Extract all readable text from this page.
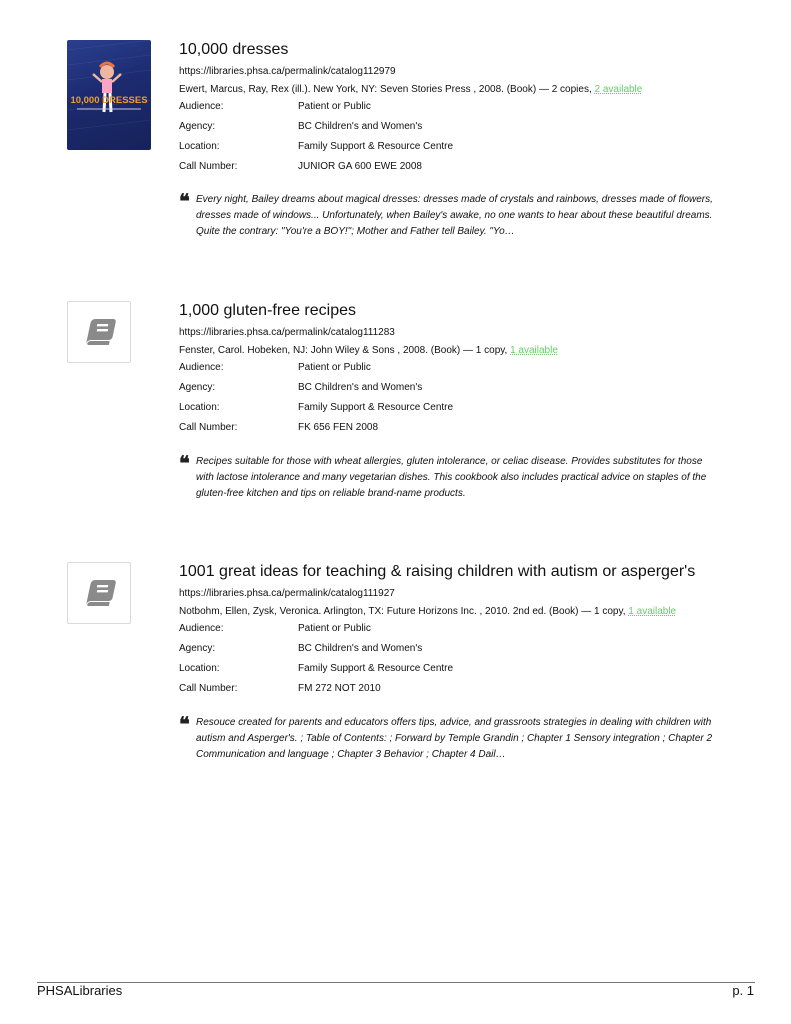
10,000 DRESSES
10,000 dresses
https://libraries.phsa.ca/permalink/catalog112979
Ewert, Marcus, Ray, Rex (ill.). New York, NY: Seven Stories Press , 2008. (Book) — 2 copies, 2 available
Audience:	Patient or Public
Agency:	BC Children's and Women's
Location:	Family Support & Resource Centre
Call Number:	JUNIOR GA 600 EWE 2008
❝ Every night, Bailey dreams about magical dresses: dresses made of crystals and rainbows, dresses made of flowers, dresses made of windows... Unfortunately, when Bailey's awake, no one wants to hear about these beautiful dreams. Quite the contrary: "You're a BOY!"; Mother and Father tell Bailey. "Yo…
1,000 gluten-free recipes
https://libraries.phsa.ca/permalink/catalog111283
Fenster, Carol. Hobeken, NJ: John Wiley & Sons , 2008. (Book) — 1 copy, 1 available
Audience:	Patient or Public
Agency:	BC Children's and Women's
Location:	Family Support & Resource Centre
Call Number:	FK 656 FEN 2008
❝ Recipes suitable for those with wheat allergies, gluten intolerance, or celiac disease. Provides substitutes for those with lactose intolerance and many vegetarian dishes. This cookbook also includes practical advice on staples of the gluten-free kitchen and tips on reliable brand-name products.
1001 great ideas for teaching & raising children with autism or asperger's
https://libraries.phsa.ca/permalink/catalog111927
Notbohm, Ellen, Zysk, Veronica. Arlington, TX: Future Horizons Inc. , 2010. 2nd ed. (Book) — 1 copy, 1 available
Audience:	Patient or Public
Agency:	BC Children's and Women's
Location:	Family Support & Resource Centre
Call Number:	FM 272 NOT 2010
❝ Resouce created for parents and educators offers tips, advice, and grassroots strategies in dealing with children with autism and Asperger's. ; Table of Contents: ; Forward by Temple Grandin ; Chapter 1 Sensory integration ; Chapter 2 Communication and language ; Chapter 3 Behavior ; Chapter 4 Dail…
PHSALibraries	p. 1
